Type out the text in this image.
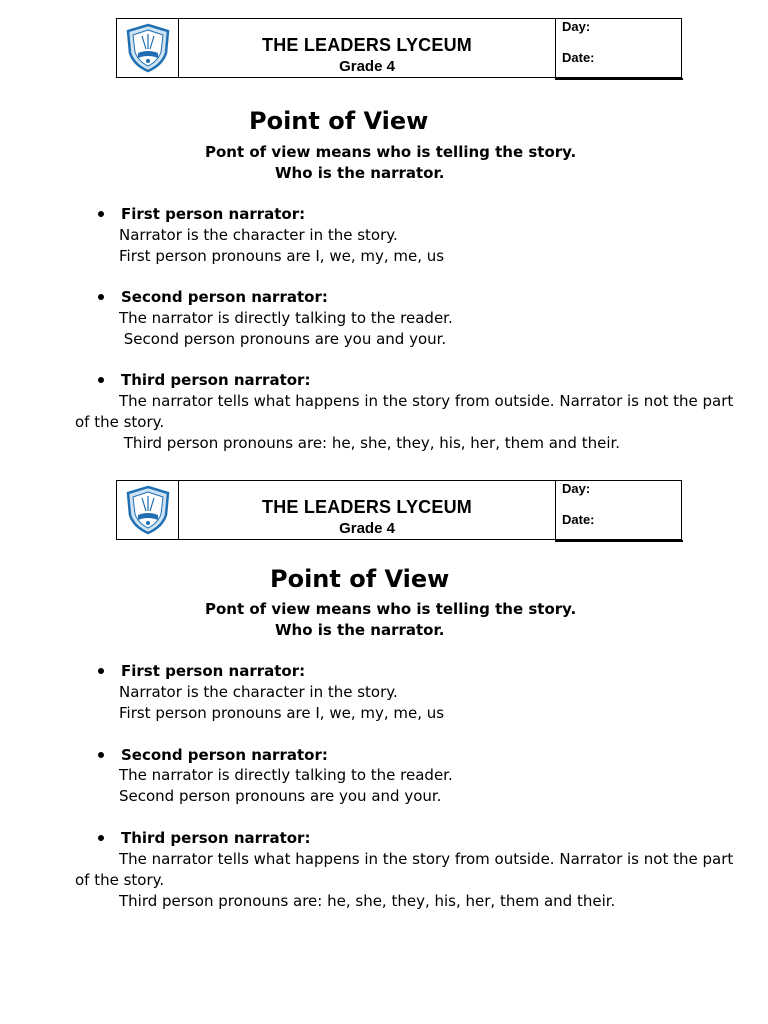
THE LEADERS LYCEUM
Grade 4
Day:
Date:
Point of View
Pont of view means who is telling the story.
Who is the narrator.
First person narrator:
Narrator is the character in the story.
First person pronouns are I, we, my, me, us
Second person narrator:
The narrator is directly talking to the reader.
Second person pronouns are you and your.
Third person narrator:
The narrator tells what happens in the story from outside. Narrator is not the part
of the story.
Third person pronouns are: he, she, they, his, her, them and their.
THE LEADERS LYCEUM
Grade 4
Day:
Date:
Point of View
Pont of view means who is telling the story.
Who is the narrator.
First person narrator:
Narrator is the character in the story.
First person pronouns are I, we, my, me, us
Second person narrator:
The narrator is directly talking to the reader.
Second person pronouns are you and your.
Third person narrator:
The narrator tells what happens in the story from outside. Narrator is not the part
of the story.
Third person pronouns are: he, she, they, his, her, them and their.
